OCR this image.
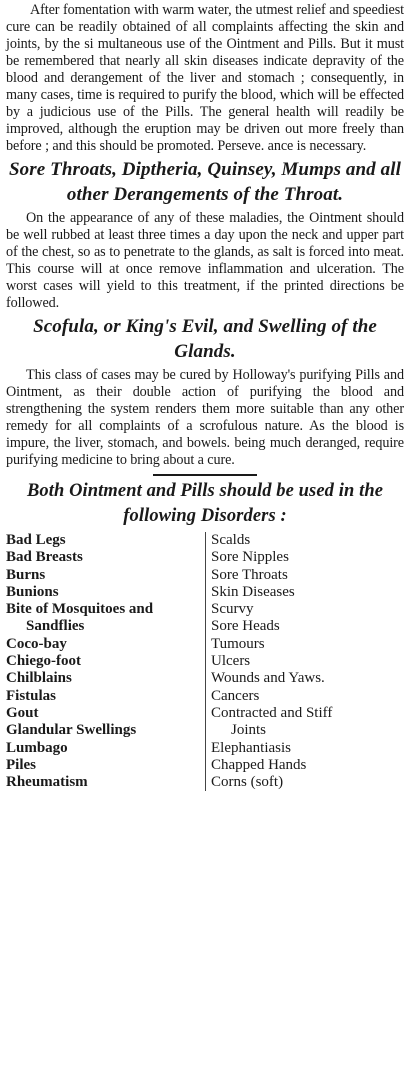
After fomentation with warm water, the utmest relief and speediest cure can be readily obtained of all complaints affecting the skin and joints, by the si multaneous use of the Ointment and Pills. But it must be remembered that nearly all skin diseases indicate depravity of the blood and derangement of the liver and stomach ; consequently, in many cases, time is required to purify the blood, which will be effected by a judicious use of the Pills. The general health will readily be improved, although the eruption may be driven out more freely than before ; and this should be promoted. Perseve. ance is necessary.

Sore Throats, Diptheria, Quinsey, Mumps and all other Derangements of the Throat.

On the appearance of any of these maladies, the Ointment should be well rubbed at least three times a day upon the neck and upper part of the chest, so as to penetrate to the glands, as salt is forced into meat. This course will at once remove inflammation and ulceration. The worst cases will yield to this treatment, if the printed directions be followed.

Scofula, or King's Evil, and Swelling of the Glands.

This class of cases may be cured by Holloway's purifying Pills and Ointment, as their double action of purifying the blood and strengthening the system renders them more suitable than any other remedy for all complaints of a scrofulous nature. As the blood is impure, the liver, stomach, and bowels. being much deranged, require purifying medicine to bring about a cure.

Both Ointment and Pills should be used in the following Disorders :
Bad Legs
Bad Breasts
Burns
Bunions
Bite of Mosquitoes and
Sandflies
Coco-bay
Chiego-foot
Chilblains
Fistulas
Gout
Glandular Swellings
Lumbago
Piles
Rheumatism
Scalds
Sore Nipples
Sore Throats
Skin Diseases
Scurvy
Sore Heads
Tumours
Ulcers
Wounds and Yaws.
Cancers
Contracted and Stiff
Joints
Elephantiasis
Chapped Hands
Corns (soft)
